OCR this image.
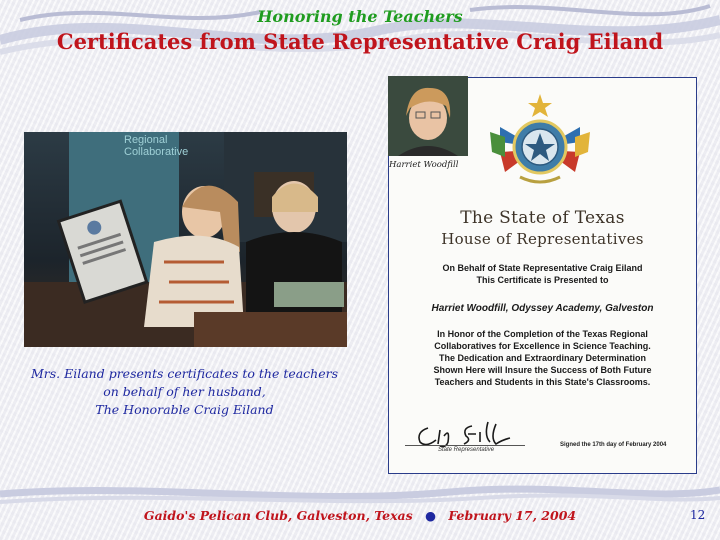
Honoring the Teachers
Certificates from State Representative Craig Eiland
Regional
Collaborative
Mrs. Eiland presents certificates to the teachers
on behalf of her husband,
The Honorable Craig Eiland
Harriet Woodfill
The State of Texas
House of Representatives
On Behalf of State Representative Craig Eiland
This Certificate is Presented to
Harriet Woodfill, Odyssey Academy, Galveston
In Honor of the Completion of the Texas Regional
Collaboratives for Excellence in Science Teaching.
The Dedication and Extraordinary Determination
Shown Here will Insure the Success of Both Future
Teachers and Students in this State's Classrooms.
State Representative
Signed the 17th day of February 2004
Gaido's Pelican Club, Galveston, Texas ● February 17, 2004	12
